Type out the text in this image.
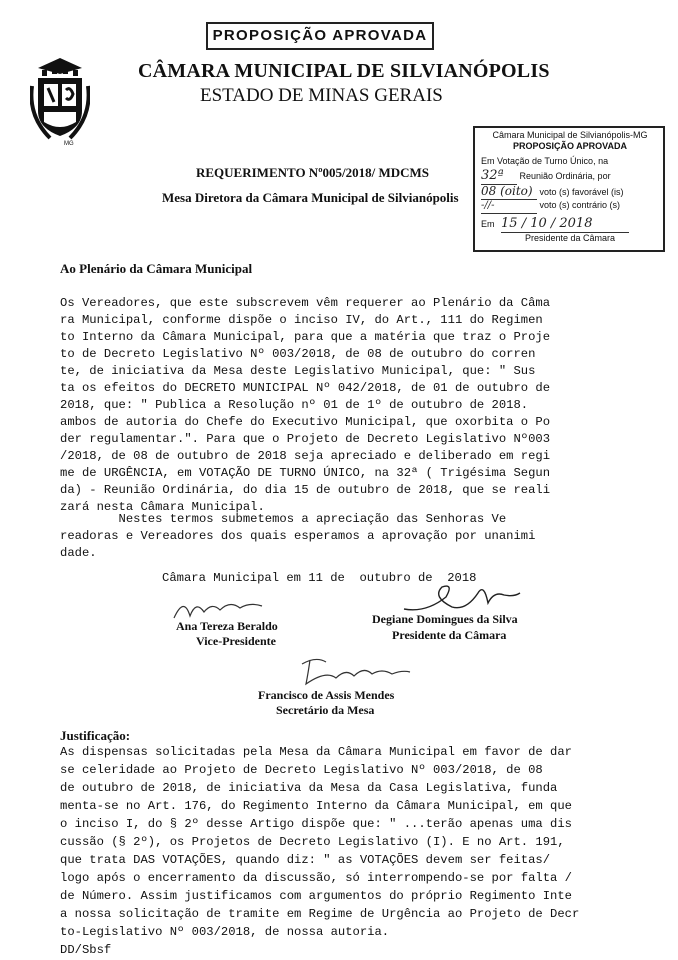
PROPOSIÇÃO APROVADA
MG
CÂMARA MUNICIPAL DE SILVIANÓPOLIS
ESTADO DE MINAS GERAIS
Câmara Municipal de Silvianópolis-MG
PROPOSIÇÃO APROVADA
Em Votação de Turno Único, na
32ª Reunião Ordinária, por
08 (oito) voto (s) favorável (is)
-//-	voto (s) contrário (s)
Em 15 / 10 / 2018
Presidente da Câmara
REQUERIMENTO Nº005/2018/ MDCMS
Mesa Diretora da Câmara Municipal de Silvianópolis
Ao Plenário da Câmara Municipal
Os Vereadores, que este subscrevem vêm requerer ao Plenário da Câma
ra Municipal, conforme dispõe o inciso IV, do Art., 111 do Regimen
to Interno da Câmara Municipal, para que a matéria que traz o Proje
to de Decreto Legislativo Nº 003/2018, de 08 de outubro do corren
te, de iniciativa da Mesa deste Legislativo Municipal, que: " Sus
ta os efeitos do DECRETO MUNICIPAL Nº 042/2018, de 01 de outubro de
2018, que: " Publica a Resolução nº 01 de 1º de outubro de 2018.
ambos de autoria do Chefe do Executivo Municipal, que oxorbita o Po
der regulamentar.". Para que o Projeto de Decreto Legislativo Nº003
/2018, de 08 de outubro de 2018 seja apreciado e deliberado em regi
me de URGÊNCIA, em VOTAÇÃO DE TURNO ÚNICO, na 32ª ( Trigésima Segun
da) - Reunião Ordinária, do dia 15 de outubro de 2018, que se reali
zará nesta Câmara Municipal.
Nestes termos submetemos a apreciação das Senhoras Ve
readoras e Vereadores dos quais esperamos a aprovação por unanimi
dade.
Câmara Municipal em 11 de  outubro de  2018
Ana Tereza Beraldo
Vice-Presidente
Degiane Domingues da Silva
Presidente da Câmara
Francisco de Assis Mendes
Secretário da Mesa
Justificação:
As dispensas solicitadas pela Mesa da Câmara Municipal em favor de dar
se celeridade ao Projeto de Decreto Legislativo Nº 003/2018, de 08
de outubro de 2018, de iniciativa da Mesa da Casa Legislativa, funda
menta-se no Art. 176, do Regimento Interno da Câmara Municipal, em que
o inciso I, do § 2º desse Artigo dispõe que: " ...terão apenas uma dis
cussão (§ 2º), os Projetos de Decreto Legislativo (I). E no Art. 191,
que trata DAS VOTAÇÕES, quando diz: " as VOTAÇÕES devem ser feitas/
logo após o encerramento da discussão, só interrompendo-se por falta /
de Número. Assim justificamos com argumentos do próprio Regimento Inte
a nossa solicitação de tramite em Regime de Urgência ao Projeto de Decr
to-Legislativo Nº 003/2018, de nossa autoria.
DD/Sbsf
